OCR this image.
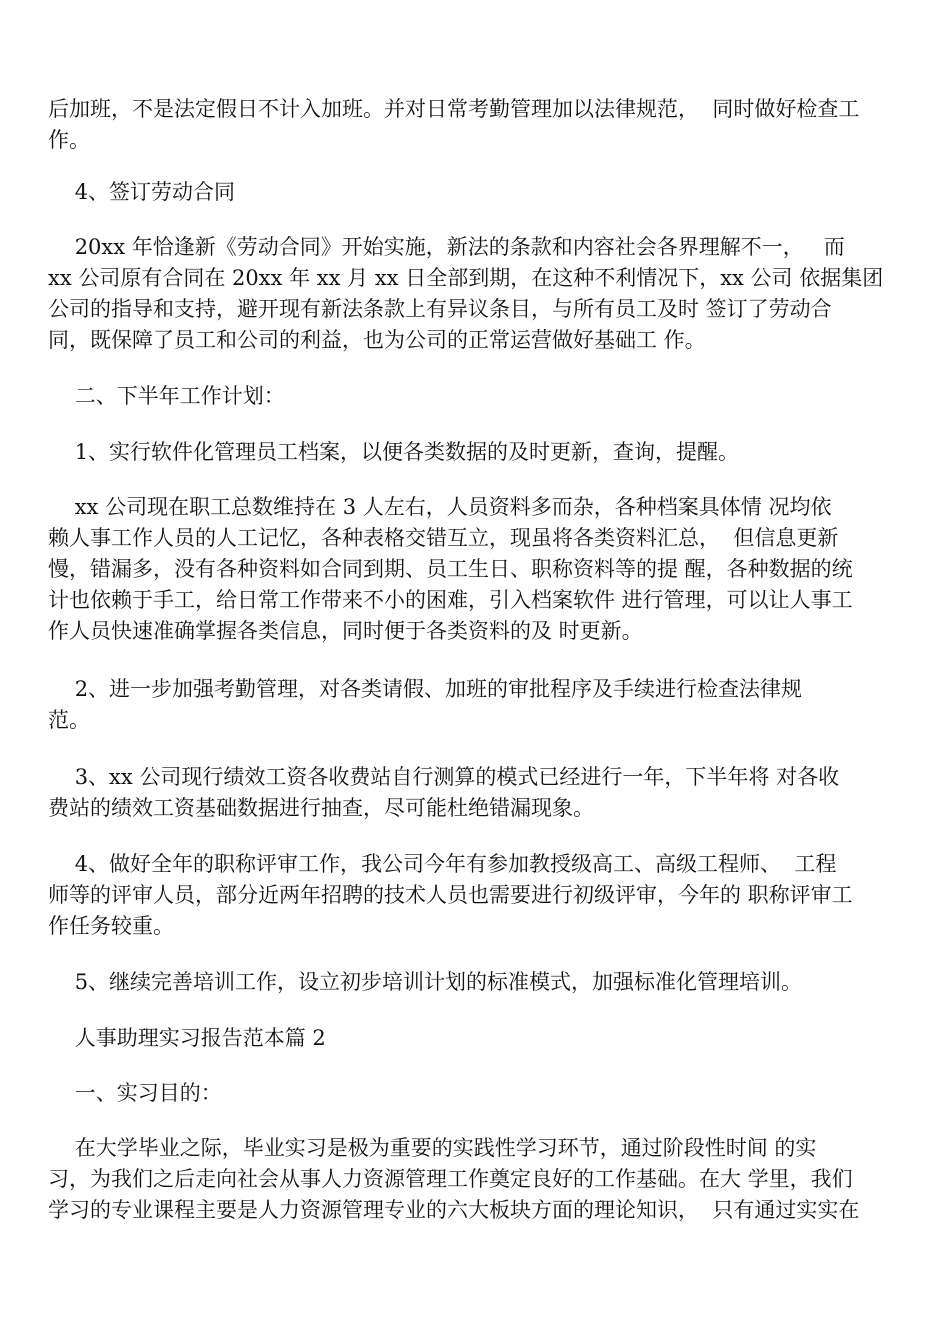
后加班，不是法定假日不计入加班。并对日常考勤管理加以法律规范，  同时做好检查工
作。

4、签订劳动合同

20xx 年恰逢新《劳动合同》开始实施，新法的条款和内容社会各界理解不一，   而
xx 公司原有合同在 20xx 年 xx 月 xx 日全部到期，在这种不利情况下，xx 公司 依据集团
公司的指导和支持，避开现有新法条款上有异议条目，与所有员工及时 签订了劳动合
同，既保障了员工和公司的利益，也为公司的正常运营做好基础工 作。

二、下半年工作计划：

1、实行软件化管理员工档案，以便各类数据的及时更新，查询，提醒。

xx 公司现在职工总数维持在 3 人左右，人员资料多而杂，各种档案具体情 况均依
赖人事工作人员的人工记忆，各种表格交错互立，现虽将各类资料汇总，  但信息更新
慢，错漏多，没有各种资料如合同到期、员工生日、职称资料等的提 醒，各种数据的统
计也依赖于手工，给日常工作带来不小的困难，引入档案软件 进行管理，可以让人事工
作人员快速准确掌握各类信息，同时便于各类资料的及 时更新。

2、进一步加强考勤管理，对各类请假、加班的审批程序及手续进行检查法律规
范。

3、xx 公司现行绩效工资各收费站自行测算的模式已经进行一年，下半年将 对各收
费站的绩效工资基础数据进行抽查，尽可能杜绝错漏现象。

4、做好全年的职称评审工作，我公司今年有参加教授级高工、高级工程师、  工程
师等的评审人员，部分近两年招聘的技术人员也需要进行初级评审，今年的 职称评审工
作任务较重。

5、继续完善培训工作，设立初步培训计划的标准模式，加强标准化管理培训。

人事助理实习报告范本篇 2

一、实习目的：

在大学毕业之际，毕业实习是极为重要的实践性学习环节，通过阶段性时间 的实
习，为我们之后走向社会从事人力资源管理工作奠定良好的工作基础。在大 学里，我们
学习的专业课程主要是人力资源管理专业的六大板块方面的理论知识，  只有通过实实在
